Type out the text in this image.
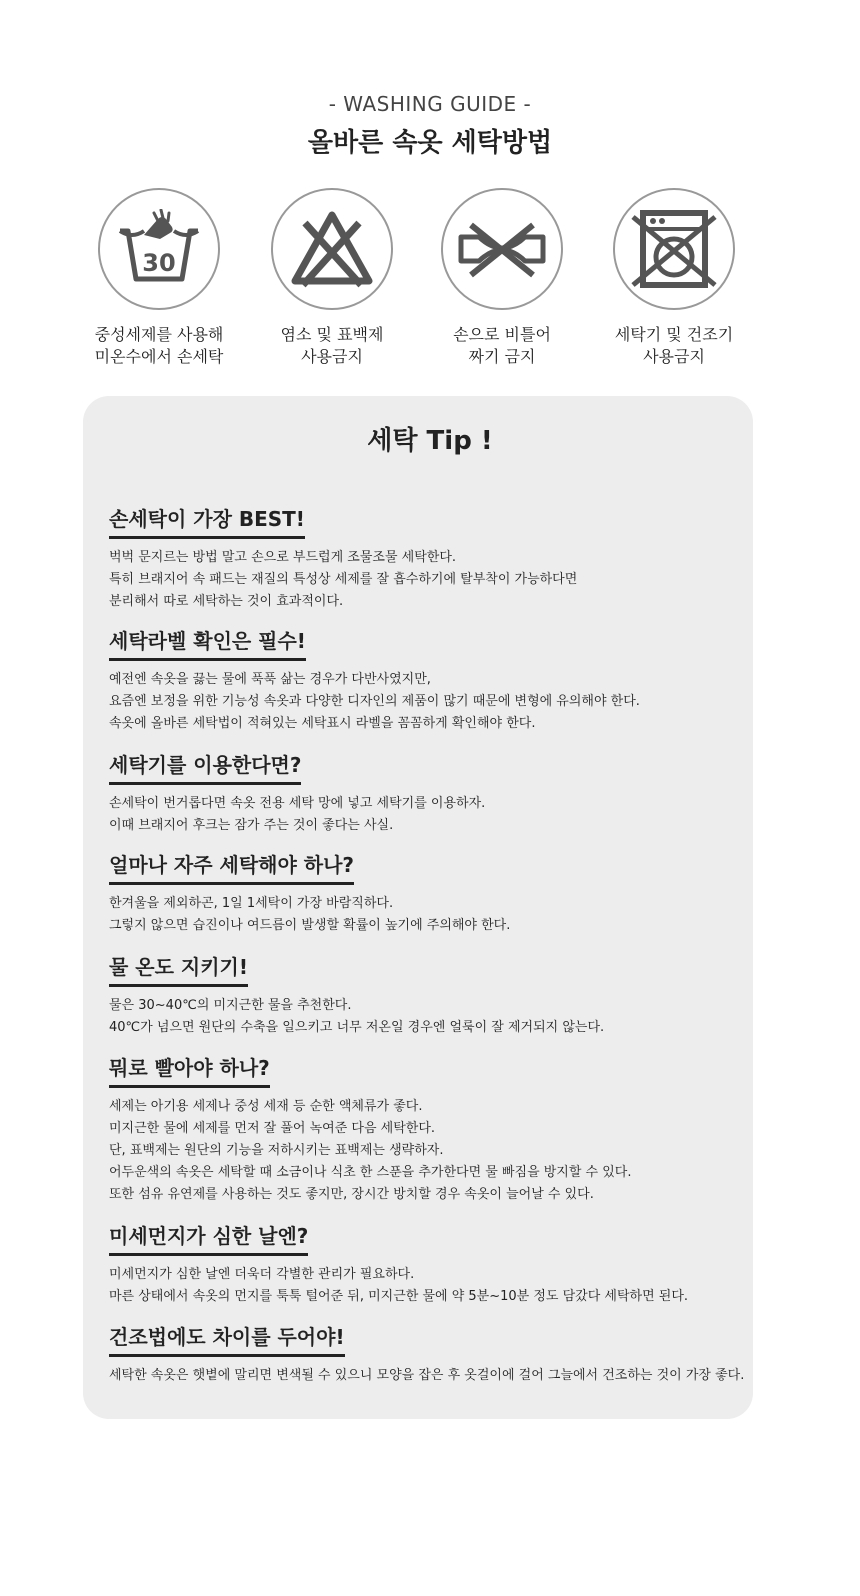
- WASHING GUIDE -
올바른 속옷 세탁방법
30
중성세제를 사용해
미온수에서 손세탁
염소 및 표백제
사용금지
손으로 비틀어
짜기 금지
세탁기 및 건조기
사용금지
세탁 Tip !
손세탁이 가장 BEST!
벅벅 문지르는 방법 말고 손으로 부드럽게 조물조물 세탁한다.
특히 브래지어 속 패드는 재질의 특성상 세제를 잘 흡수하기에 탈부착이 가능하다면
분리해서 따로 세탁하는 것이 효과적이다.
세탁라벨 확인은 필수!
예전엔 속옷을 끓는 물에 푹푹 삶는 경우가 다반사였지만,
요즘엔 보정을 위한 기능성 속옷과 다양한 디자인의 제품이 많기 때문에 변형에 유의해야 한다.
속옷에 올바른 세탁법이 적혀있는 세탁표시 라벨을 꼼꼼하게 확인해야 한다.
세탁기를 이용한다면?
손세탁이 번거롭다면 속옷 전용 세탁 망에 넣고 세탁기를 이용하자.
이때 브래지어 후크는 잠가 주는 것이 좋다는 사실.
얼마나 자주 세탁해야 하나?
한겨울을 제외하곤, 1일 1세탁이 가장 바람직하다.
그렇지 않으면 습진이나 여드름이 발생할 확률이 높기에 주의해야 한다.
물 온도 지키기!
물은 30~40℃의 미지근한 물을 추천한다.
40℃가 넘으면 원단의 수축을 일으키고 너무 저온일 경우엔 얼룩이 잘 제거되지 않는다.
뭐로 빨아야 하나?
세제는 아기용 세제나 중성 세재 등 순한 액체류가 좋다.
미지근한 물에 세제를 먼저 잘 풀어 녹여준 다음 세탁한다.
단, 표백제는 원단의 기능을 저하시키는 표백제는 생략하자.
어두운색의 속옷은 세탁할 때 소금이나 식초 한 스푼을 추가한다면 물 빠짐을 방지할 수 있다.
또한 섬유 유연제를 사용하는 것도 좋지만, 장시간 방치할 경우 속옷이 늘어날 수 있다.
미세먼지가 심한 날엔?
미세먼지가 심한 날엔 더욱더 각별한 관리가 필요하다.
마른 상태에서 속옷의 먼지를 툭툭 털어준 뒤, 미지근한 물에 약 5분~10분 정도 담갔다 세탁하면 된다.
건조법에도 차이를 두어야!
세탁한 속옷은 햇볕에 말리면 변색될 수 있으니 모양을 잡은 후 옷걸이에 걸어 그늘에서 건조하는 것이 가장 좋다.
